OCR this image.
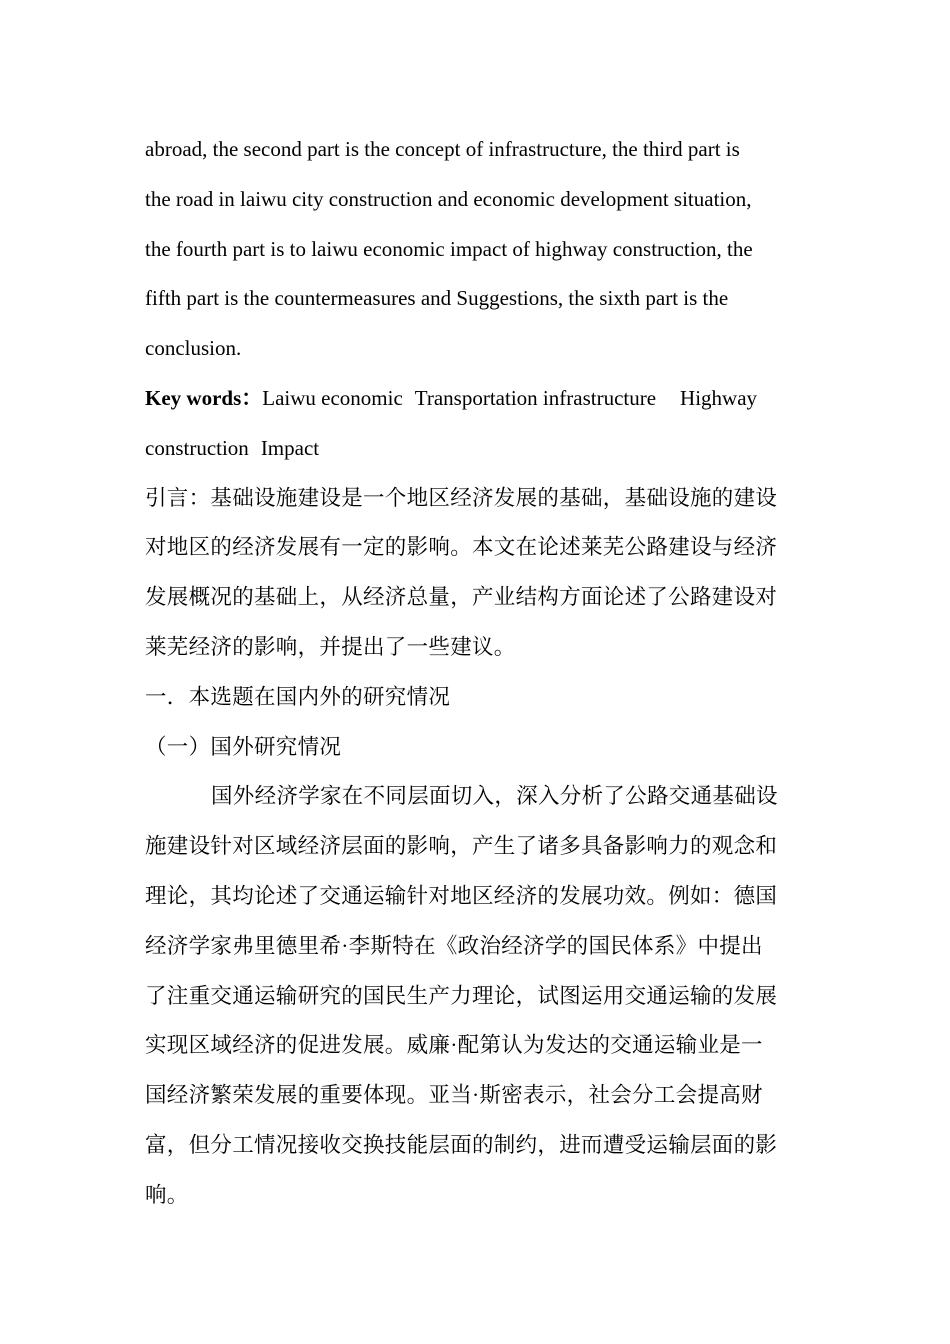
abroad, the second part is the concept of infrastructure, the third part is
the road in laiwu city construction and economic development situation,
the fourth part is to laiwu economic impact of highway construction, the
fifth part is the countermeasures and Suggestions, the sixth part is the
conclusion.
Key words：Laiwu economic Transportation infrastructure Highway
construction Impact
引言：基础设施建设是一个地区经济发展的基础，基础设施的建设
对地区的经济发展有一定的影响。本文在论述莱芜公路建设与经济
发展概况的基础上，从经济总量，产业结构方面论述了公路建设对
莱芜经济的影响，并提出了一些建议。
一．本选题在国内外的研究情况
（一）国外研究情况
国外经济学家在不同层面切入，深入分析了公路交通基础设
施建设针对区域经济层面的影响，产生了诸多具备影响力的观念和
理论，其均论述了交通运输针对地区经济的发展功效。例如：德国
经济学家弗里德里希·李斯特在《政治经济学的国民体系》中提出
了注重交通运输研究的国民生产力理论，试图运用交通运输的发展
实现区域经济的促进发展。威廉·配第认为发达的交通运输业是一
国经济繁荣发展的重要体现。亚当·斯密表示，社会分工会提高财
富，但分工情况接收交换技能层面的制约，进而遭受运输层面的影
响。
